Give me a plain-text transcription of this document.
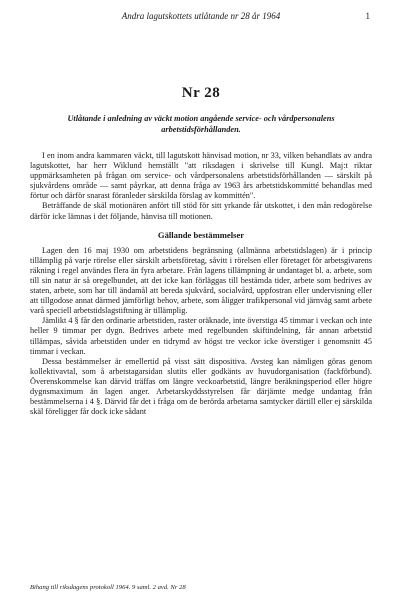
Andra lagutskottets utlåtande nr 28 år 1964	1
Nr 28
Utlåtande i anledning av väckt motion angående service- och vårdpersonalens arbetstidsförhållanden.

I en inom andra kammaren väckt, till lagutskott hänvisad motion, nr 33, vilken behandlats av andra lagutskottet, har herr Wiklund hemställt "att riksdagen i skrivelse till Kungl. Maj:t riktar uppmärksamheten på frågan om service- och vårdpersonalens arbetstidsförhållanden — särskilt på sjukvårdens område — samt påyrkar, att denna fråga av 1963 års arbetstidskommitté behandlas med förtur och därför snarast föranleder särskilda förslag av kommittén".

Beträffande de skäl motionären anfört till stöd för sitt yrkande får utskottet, i den mån redogörelse därför icke lämnas i det följande, hänvisa till motionen.

Gällande bestämmelser

Lagen den 16 maj 1930 om arbetstidens begränsning (allmänna arbetstidslagen) är i princip tillämplig på varje rörelse eller särskilt arbetsföretag, såvitt i rörelsen eller företaget för arbetsgivarens räkning i regel användes flera än fyra arbetare. Från lagens tillämpning är undantaget bl. a. arbete, som till sin natur är så oregelbundet, att det icke kan förläggas till bestämda tider, arbete som bedrives av staten, arbete, som har till ändamål att bereda sjukvård, socialvård, uppfostran eller undervisning eller att tillgodose annat därmed jämförligt behov, arbete, som åligger trafikpersonal vid järnväg samt arbete varå speciell arbetstidslagstiftning är tillämplig.

Jämlikt 4 § får den ordinarie arbetstiden, raster oräknade, inte överstiga 45 timmar i veckan och inte heller 9 timmar per dygn. Bedrives arbete med regelbunden skiftindelning, får annan arbetstid tillämpas, såvida arbetstiden under en tidrymd av högst tre veckor icke överstiger i genomsnitt 45 timmar i veckan.

Dessa bestämmelser är emellertid på visst sätt dispositiva. Avsteg kan nämligen göras genom kollektivavtal, som å arbetstagarsidan slutits eller godkänts av huvudorganisation (fackförbund). Överenskommelse kan därvid träffas om längre veckoarbetstid, längre beräkningsperiod eller högre dygnsmaximum än lagen anger. Arbetarskyddsstyrelsen får därjämte medge undantag från bestämmelserna i 4 §. Därvid får det i fråga om de berörda arbetarna samtycker därtill eller ej särskilda skäl föreligger får dock icke sådant

Bihang till riksdagens protokoll 1964. 9 saml. 2 avd. Nr 28
